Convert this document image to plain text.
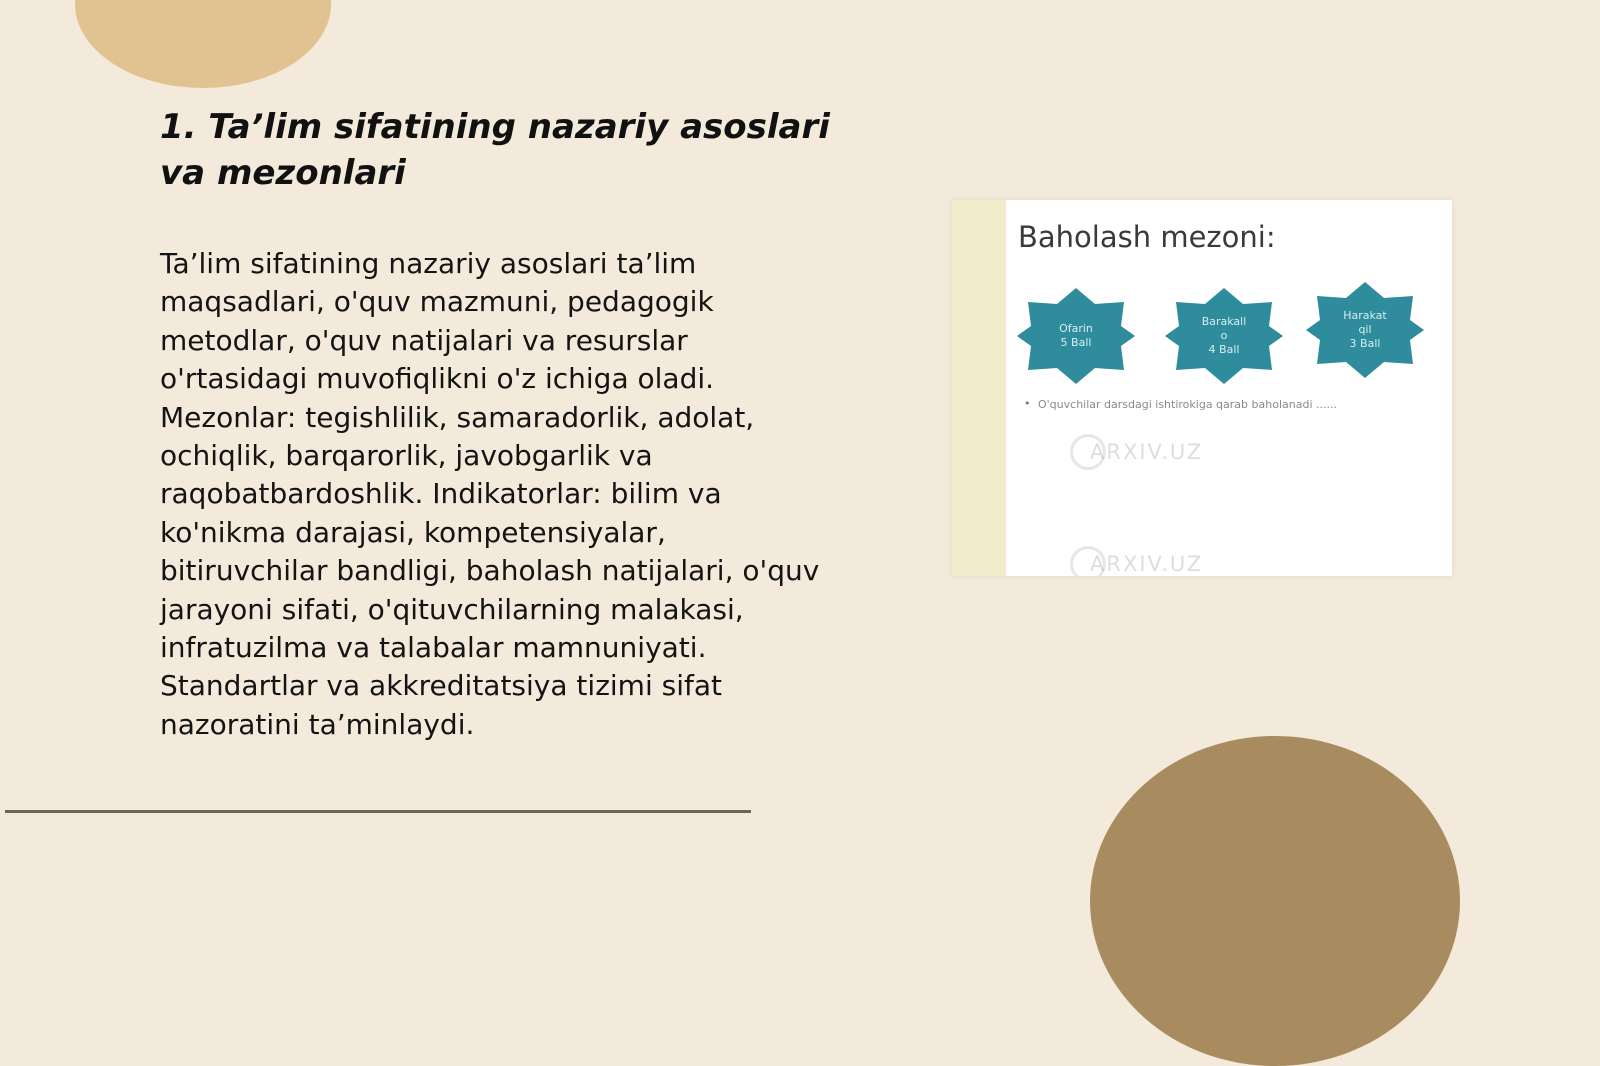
1. Ta’lim sifatining nazariy asoslari va mezonlari

Ta’lim sifatining nazariy asoslari ta’lim maqsadlari, o'quv mazmuni, pedagogik metodlar, o'quv natijalari va resurslar o'rtasidagi muvofiqlikni o'z ichiga oladi. Mezonlar: tegishlilik, samaradorlik, adolat, ochiqlik, barqarorlik, javobgarlik va raqobatbardoshlik. Indikatorlar: bilim va ko'nikma darajasi, kompetensiyalar, bitiruvchilar bandligi, baholash natijalari, o'quv jarayoni sifati, o'qituvchilarning malakasi, infratuzilma va talabalar mamnuniyati. Standartlar va akkreditatsiya tizimi sifat nazoratini ta’minlaydi.

ARXIV.UZ
ARXIV.UZ
Baholash mezoni:
Ofarin
5 Ball
Barakall
o
4 Ball
Harakat
qil
3 Ball
• O'quvchilar darsdagi ishtirokiga qarab baholanadi ......
